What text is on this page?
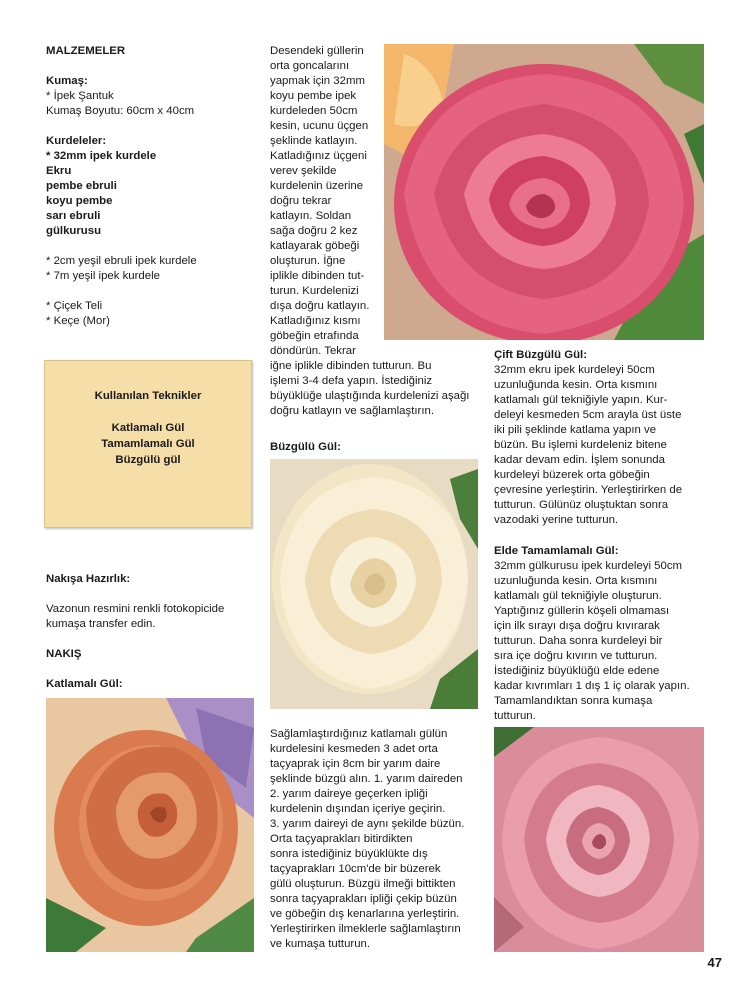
MALZEMELER

Kumaş:

* İpek Şantuk

Kumaş Boyutu: 60cm x 40cm

Kurdeleler:

* 32mm ipek kurdele

Ekru

pembe ebruli

koyu pembe

sarı ebruli

gülkurusu

* 2cm yeşil ebruli ipek kurdele

* 7m yeşil ipek kurdele

* Çiçek Teli

* Keçe (Mor)

Kullanılan Teknikler

Katlamalı Gül

Tamamlamalı Gül

Büzgülü gül

Nakışa Hazırlık:

Vazonun resmini renkli fotokopicide kumaşa transfer edin.

NAKIŞ

Katlamalı Gül:

Desendeki güllerin

orta goncalarını

yapmak için 32mm

koyu pembe ipek

kurdeleden 50cm

kesin, ucunu üçgen

şeklinde katlayın.

Katladığınız üçgeni

verev şekilde

kurdelenin üzerine

doğru tekrar

katlayın. Soldan

sağa doğru 2 kez

katlayarak göbeği

oluşturun. İğne

iplikle dibinden tut-

turun. Kurdelenizi

dışa doğru katlayın.

Katladığınız kısmı

göbeğin etrafında

döndürün. Tekrar

iğne iplikle dibinden tutturun. Bu

işlemi 3-4 defa yapın. İstediğiniz

büyüklüğe ulaştığında kurdelenizi aşağı

doğru katlayın ve sağlamlaştırın.

Büzgülü Gül:

Sağlamlaştırdığınız katlamalı gülün

kurdelesini kesmeden 3 adet orta

taçyaprak için 8cm bir yarım daire

şeklinde büzgü alın. 1. yarım daireden

2. yarım daireye geçerken ipliği

kurdelenin dışından içeriye geçirin.

3. yarım daireyi de aynı şekilde büzün.

Orta taçyaprakları bitirdikten

sonra istediğiniz büyüklükte dış

taçyaprakları 10cm'de bir büzerek

gülü oluşturun. Büzgü ilmeği bittikten

sonra taçyaprakları ipliği çekip büzün

ve göbeğin dış kenarlarına yerleştirin.

Yerleştirirken ilmeklerle sağlamlaştırın

ve kumaşa tutturun.

Çift Büzgülü Gül:

32mm ekru ipek kurdeleyi 50cm

uzunluğunda kesin. Orta kısmını

katlamalı gül tekniğiyle yapın. Kur-

deleyi kesmeden 5cm arayla üst üste

iki pili şeklinde katlama yapın ve

büzün. Bu işlemi kurdeleniz bitene

kadar devam edin. İşlem sonunda

kurdeleyi büzerek orta göbeğin

çevresine yerleştirin. Yerleştirirken de

tutturun. Gülünüz oluştuktan sonra

vazodaki yerine tutturun.

Elde Tamamlamalı Gül:

32mm gülkurusu ipek kurdeleyi 50cm

uzunluğunda kesin. Orta kısmını

katlamalı gül tekniğiyle oluşturun.

Yaptığınız güllerin köşeli olmaması

için ilk sırayı dışa doğru kıvırarak

tutturun. Daha sonra kurdeleyi bir

sıra içe doğru kıvırın ve tutturun.

İstediğiniz büyüklüğü elde edene

kadar kıvrımları 1 dış 1 iç olarak yapın.

Tamamlandıktan sonra kumaşa

tutturun.

47
